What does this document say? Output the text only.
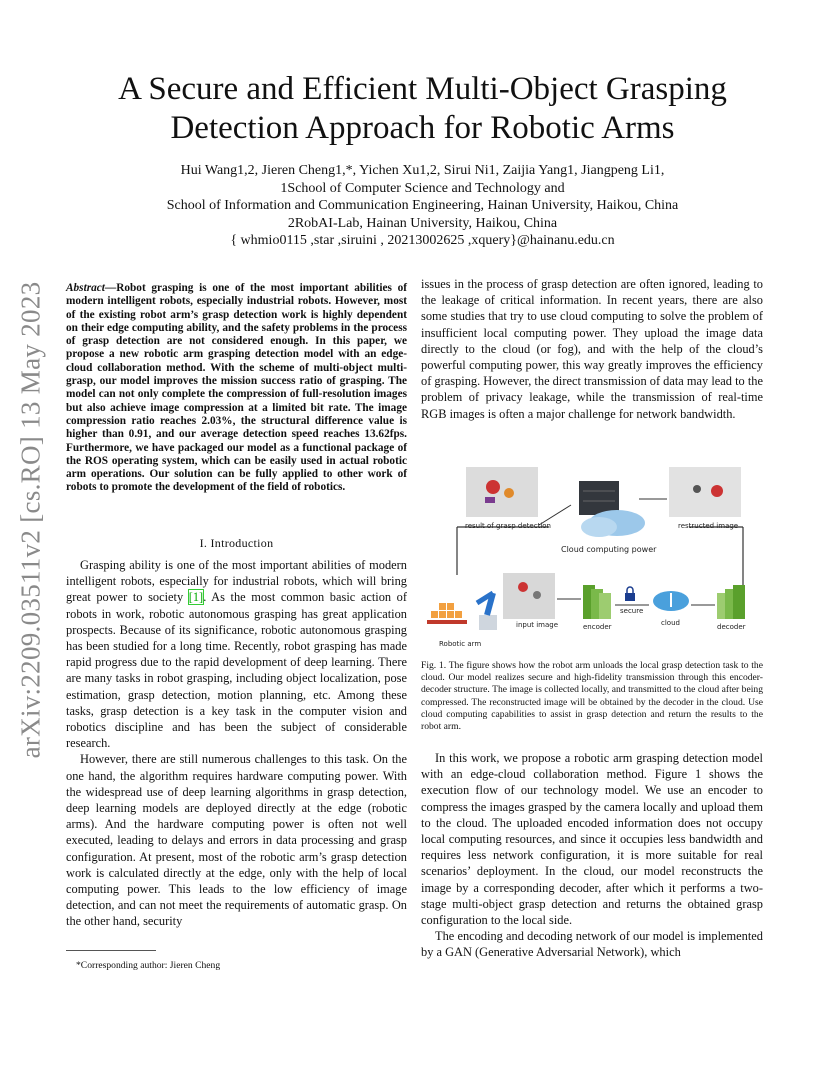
arXiv:2209.03511v2 [cs.RO] 13 May 2023
A Secure and Efficient Multi-Object Grasping
Detection Approach for Robotic Arms
Hui Wang1,2, Jieren Cheng1,*, Yichen Xu1,2, Sirui Ni1, Zaijia Yang1, Jiangpeng Li1,
1School of Computer Science and Technology and
School of Information and Communication Engineering, Hainan University, Haikou, China
2RobAI-Lab, Hainan University, Haikou, China
{ whmio0115 ,star ,siruini , 20213002625 ,xquery}@hainanu.edu.cn
Abstract—Robot grasping is one of the most important abilities of modern intelligent robots, especially industrial robots. However, most of the existing robot arm’s grasp detection work is highly dependent on their edge computing ability, and the safety problems in the process of grasp detection are not considered enough. In this paper, we propose a new robotic arm grasping detection model with an edge-cloud collaboration method. With the scheme of multi-object multi-grasp, our model improves the mission success ratio of grasping. The model can not only complete the compression of full-resolution images but also achieve image compression at a limited bit rate. The image compression ratio reaches 2.03%, the structural difference value is higher than 0.91, and our average detection speed reaches 13.62fps. Furthermore, we have packaged our model as a functional package of the ROS operating system, which can be easily used in actual robotic arm operations. Our solution can be fully applied to other work of robots to promote the development of the field of robotics.
I. Introduction

Grasping ability is one of the most important abilities of modern intelligent robots, especially for industrial robots, which will bring great power to society [1]. As the most common basic action of robots in work, robotic autonomous grasping has great application prospects. Because of its significance, robotic autonomous grasping has been studied for a long time. Recently, robot grasping has made rapid progress due to the rapid development of deep learning. There are many tasks in robot grasping, including object localization, pose estimation, grasp detection, motion planning, etc. Among these tasks, grasp detection is a key task in the computer vision and robotics discipline and has been the subject of considerable research.

However, there are still numerous challenges to this task. On the one hand, the algorithm requires hardware computing power. With the widespread use of deep learning algorithms in grasp detection, deep learning models are deployed directly at the edge (robotic arms). And the hardware computing power is often not well executed, leading to delays and errors in data processing and grasp configuration. At present, most of the robotic arm’s grasp detection work is calculated directly at the edge, only with the help of local computing power. This leads to the low efficiency of image detection, and can not meet the requirements of automatic grasp. On the other hand, security

issues in the process of grasp detection are often ignored, leading to the leakage of critical information. In recent years, there are also some studies that try to use cloud computing to solve the problem of insufficient local computing power. They upload the image data directly to the cloud (or fog), and with the help of the cloud’s powerful computing power, this way greatly improves the efficiency of grasping. However, the direct transmission of data may lead to the problem of privacy leakage, while the transmission of real-time RGB images is often a major challenge for network bandwidth.

result of grasp detection	restructed image
Cloud computing power
input image	encoder
secure
cloud	decoder
Robotic arm
Fig. 1. The figure shows how the robot arm unloads the local grasp detection task to the cloud. Our model realizes secure and high-fidelity transmission through this encoder-decoder structure. The image is collected locally, and transmitted to the cloud after being compressed. The reconstructed image will be obtained by the decoder in the cloud. Use cloud computing capabilities to assist in grasp detection and return the results to the robot arm.

In this work, we propose a robotic arm grasping detection model with an edge-cloud collaboration method. Figure 1 shows the execution flow of our technology model. We use an encoder to compress the images grasped by the camera locally and upload them to the cloud. The uploaded encoded information does not occupy local computing resources, and since it occupies less bandwidth and requires less network configuration, it is more suitable for real scenarios’ deployment. In the cloud, our model reconstructs the image by a corresponding decoder, after which it performs a two-stage multi-object grasp detection and returns the obtained grasp configuration to the local side.

The encoding and decoding network of our model is implemented by a GAN (Generative Adversarial Network), which

*Corresponding author: Jieren Cheng
